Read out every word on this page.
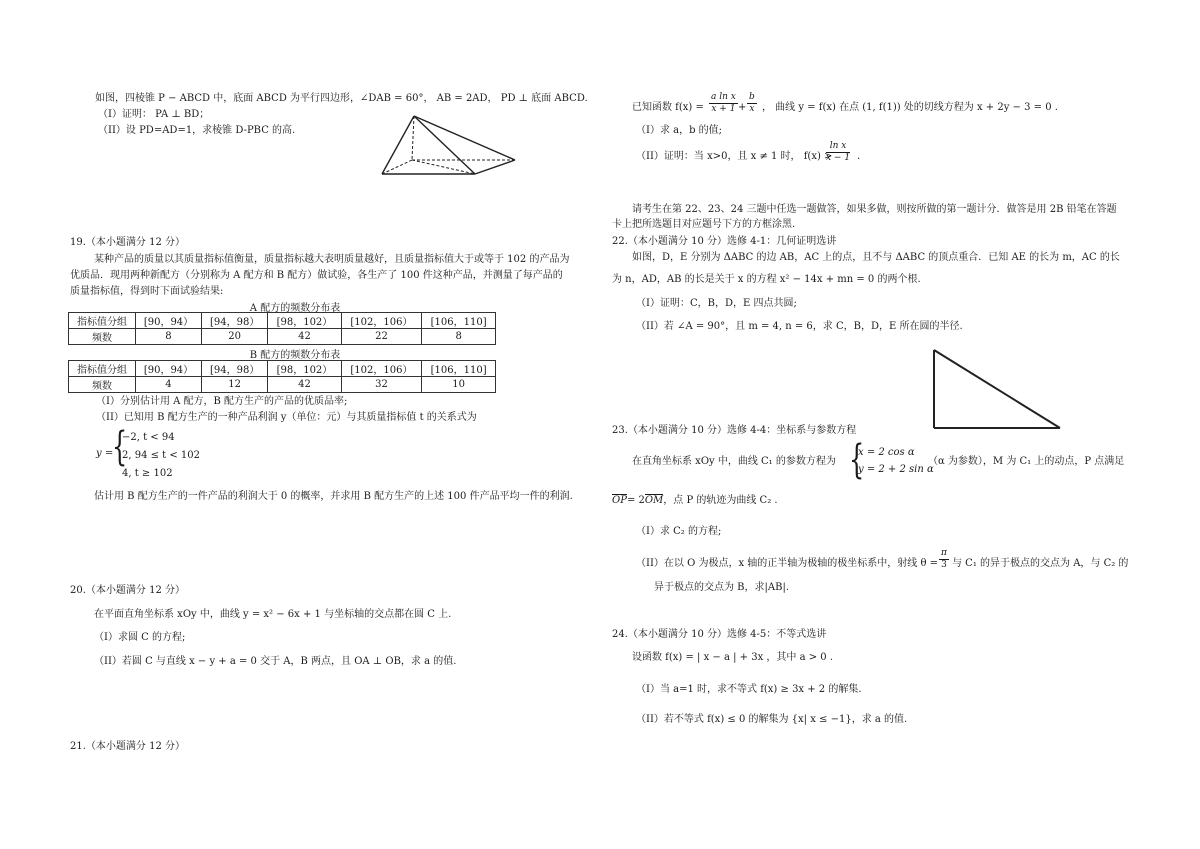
如图，四棱锥 P − ABCD 中，底面 ABCD 为平行四边形，∠DAB = 60°， AB = 2AD， PD ⊥ 底面 ABCD.
（I）证明： PA ⊥ BD；
（II）设 PD=AD=1，求棱锥 D-PBC 的高.
19.（本小题满分 12 分）
某种产品的质量以其质量指标值衡量，质量指标越大表明质量越好，且质量指标值大于或等于 102 的产品为
优质品．现用两种新配方（分别称为 A 配方和 B 配方）做试验，各生产了 100 件这种产品，并测量了每产品的
质量指标值，得到时下面试验结果:
A 配方的频数分布表
指标值分组	[90，94）	[94，98）	[98，102）	[102，106）	[106，110]
频数	8	20	42	22	8
B 配方的频数分布表
指标值分组	[90，94）	[94，98）	[98，102）	[102，106）	[106，110]
频数	4	12	42	32	10
（I）分别估计用 A 配方，B 配方生产的产品的优质品率;
（II）已知用 B 配方生产的一种产品利润 y（单位：元）与其质量指标值 t 的关系式为
y =
{
−2, t < 94
2, 94 ≤ t < 102
4, t ≥ 102
估计用 B 配方生产的一件产品的利润大于 0 的概率，并求用 B 配方生产的上述 100 件产品平均一件的利润.
20.（本小题满分 12 分）
在平面直角坐标系 xOy 中，曲线 y = x² − 6x + 1 与坐标轴的交点都在圆 C 上.
（I）求圆 C 的方程;
（II）若圆 C 与直线 x − y + a = 0 交于 A，B 两点，且 OA ⊥ OB，求 a 的值.
21.（本小题满分 12 分）
已知函数 $f(x) = \frac{\text{a ln x}}{x + 1} + \frac{b}{x}$ ， 曲线 y = f(x) 在点 (1, f(1)) 处的切线方程为 x + 2y − 3 = 0 .
（I）求 a，b 的值;
（II）证明：当 x>0，且 x ≠ 1 时， f(x) >
$\frac{\text{ln x}}{x - 1}$ .
请考生在第 22、23、24 三题中任选一题做答，如果多做，则按所做的第一题计分．做答是用 2B 铅笔在答题
卡上把所选题目对应题号下方的方框涂黑.
22.（本小题满分 10 分）选修 4-1：几何证明选讲
如图，D，E 分别为 ΔABC 的边 AB，AC 上的点，且不与 ΔABC 的顶点重合．已知 AE 的长为 m，AC 的长
为 n，AD，AB 的长是关于 x 的方程 x² − 14x + mn = 0 的两个根.
（I）证明：C，B，D，E 四点共圆;
（II）若 ∠A = 90°，且 m = 4, n = 6，求 C，B，D，E 所在圆的半径.
23.（本小题满分 10 分）选修 4-4：坐标系与参数方程
在直角坐标系 xOy 中，曲线 C₁ 的参数方程为 {
x = 2 cos α
y = 2 + 2 sin α
（α 为参数），M 为 C₁ 上的动点，P 点满足
OP= 2OM，点 P 的轨迹为曲线 C₂ .
（I）求 C₂ 的方程;
（II）在以 O 为极点，x 轴的正半轴为极轴的极坐标系中，射线 $\theta = \frac{\pi}{3}$ 与 C₁ 的异于极点的交点为 A，与 C₂ 的
异于极点的交点为 B，求|AB|.
24.（本小题满分 10 分）选修 4-5：不等式选讲
设函数 f(x) = | x − a | + 3x ，其中 a > 0 .
（I）当 a=1 时，求不等式 f(x) ≥ 3x + 2 的解集.
（II）若不等式 f(x) ≤ 0 的解集为 {x| x ≤ −1}，求 a 的值.
